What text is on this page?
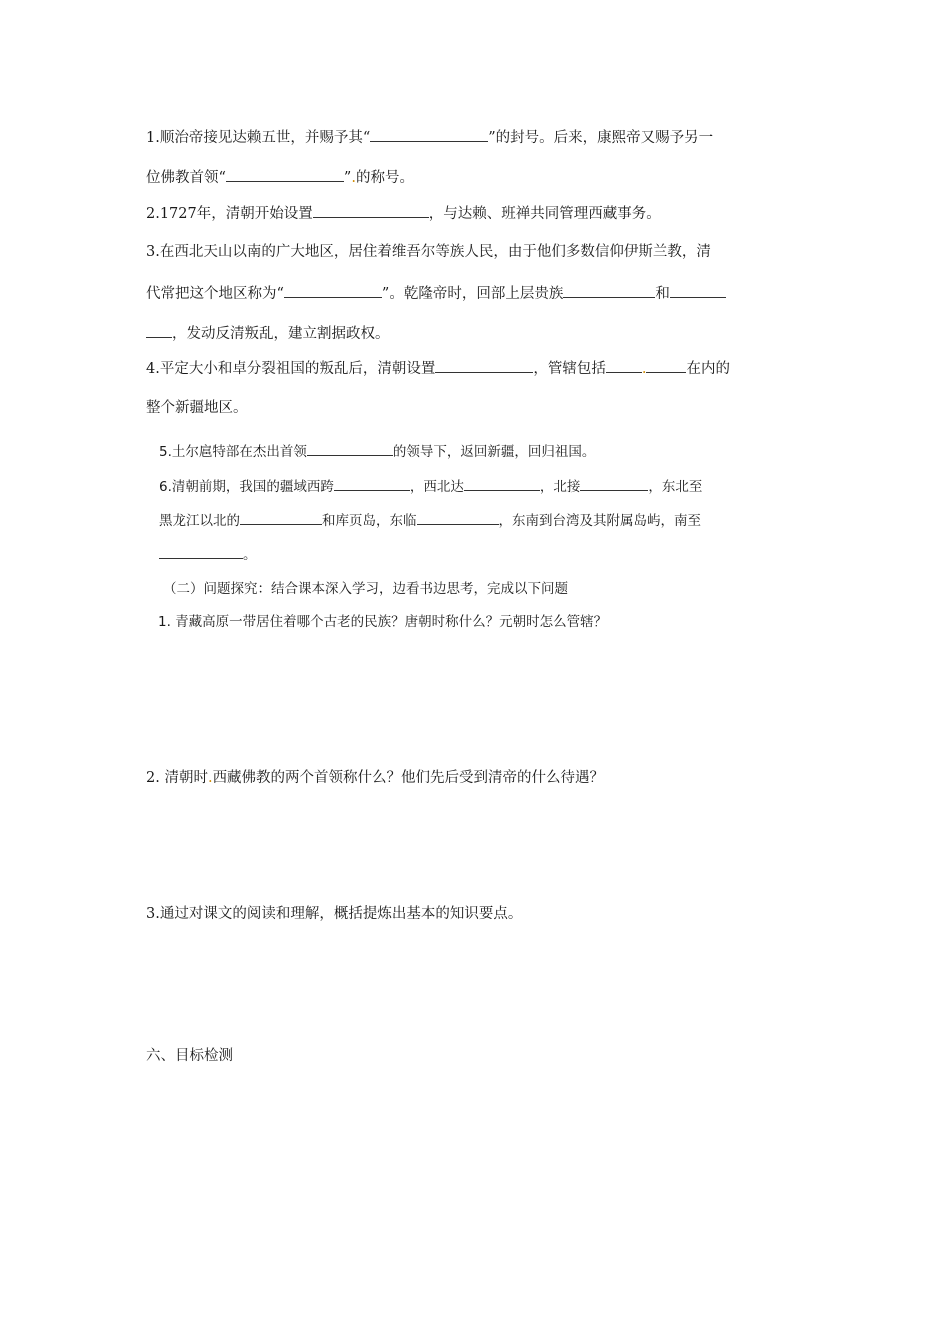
1.顺治帝接见达赖五世，并赐予其“	”的封号。后来，康熙帝又赐予另一

位佛教首领“	”.的称号。

2.1727年，清朝开始设置	，与达赖、班禅共同管理西藏事务。

3.在西北天山以南的广大地区，居住着维吾尔等族人民，由于他们多数信仰伊斯兰教，清

代常把这个地区称为“	”。乾隆帝时，回部上层贵族	和

，发动反清叛乱，建立割据政权。

4.平定大小和卓分裂祖国的叛乱后，清朝设置	，管辖包括 .	在内的

整个新疆地区。

5.土尔扈特部在杰出首领	的领导下，返回新疆，回归祖国。

6.清朝前期，我国的疆域西跨	，西北达	，北接	，东北至

黑龙江以北的	和库页岛，东临	，东南到台湾及其附属岛屿，南至

。

（二）问题探究：结合课本深入学习，边看书边思考，完成以下问题

1. 青藏高原一带居住着哪个古老的民族？唐朝时称什么？元朝时怎么管辖？

2. 清朝时.西藏佛教的两个首领称什么？他们先后受到清帝的什么待遇？

3.通过对课文的阅读和理解，概括提炼出基本的知识要点。

六、目标检测
